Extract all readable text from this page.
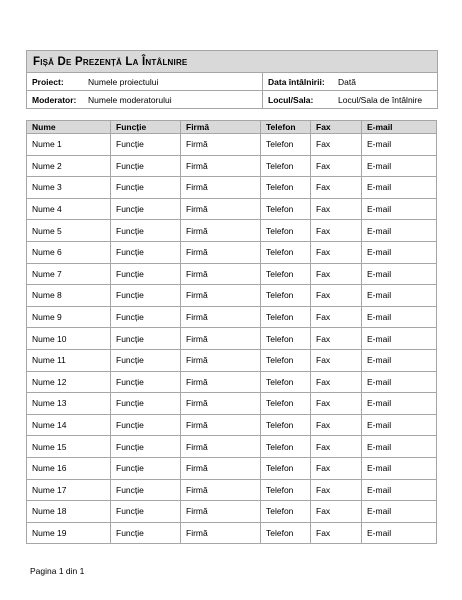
Fișă De Prezență La Întâlnire
Proiect:	Numele proiectului	Data întâlnirii:	Dată
Moderator:	Numele moderatorului	Locul/Sala:	Locul/Sala de întâlnire
Nume	Funcție	Firmă	Telefon	Fax	E-mail
Nume 1	Funcție	Firmă	Telefon	Fax	E-mail
Nume 2	Funcție	Firmă	Telefon	Fax	E-mail
Nume 3	Funcție	Firmă	Telefon	Fax	E-mail
Nume 4	Funcție	Firmă	Telefon	Fax	E-mail
Nume 5	Funcție	Firmă	Telefon	Fax	E-mail
Nume 6	Funcție	Firmă	Telefon	Fax	E-mail
Nume 7	Funcție	Firmă	Telefon	Fax	E-mail
Nume 8	Funcție	Firmă	Telefon	Fax	E-mail
Nume 9	Funcție	Firmă	Telefon	Fax	E-mail
Nume 10	Funcție	Firmă	Telefon	Fax	E-mail
Nume 11	Funcție	Firmă	Telefon	Fax	E-mail
Nume 12	Funcție	Firmă	Telefon	Fax	E-mail
Nume 13	Funcție	Firmă	Telefon	Fax	E-mail
Nume 14	Funcție	Firmă	Telefon	Fax	E-mail
Nume 15	Funcție	Firmă	Telefon	Fax	E-mail
Nume 16	Funcție	Firmă	Telefon	Fax	E-mail
Nume 17	Funcție	Firmă	Telefon	Fax	E-mail
Nume 18	Funcție	Firmă	Telefon	Fax	E-mail
Nume 19	Funcție	Firmă	Telefon	Fax	E-mail
Pagina 1 din 1
